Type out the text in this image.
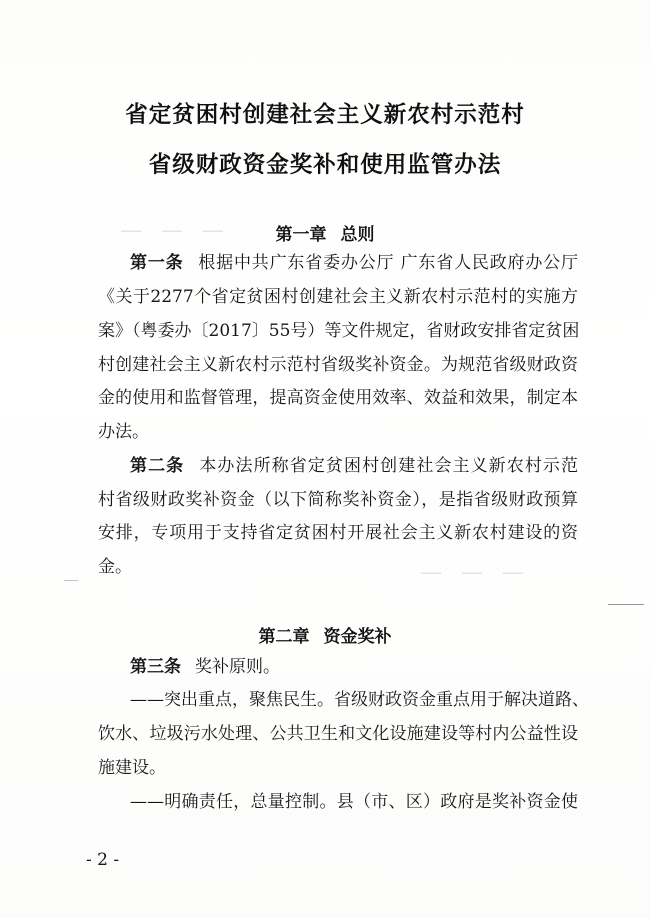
— — —
— — —
省定贫困村创建社会主义新农村示范村
省级财政资金奖补和使用监管办法
第一章 总则
第一条 根据中共广东省委办公厅 广东省人民政府办公厅
《关于2277个省定贫困村创建社会主义新农村示范村的实施方
案》（粤委办〔2017〕55号）等文件规定，省财政安排省定贫困
村创建社会主义新农村示范村省级奖补资金。为规范省级财政资
金的使用和监督管理，提高资金使用效率、效益和效果，制定本
办法。
第二条 本办法所称省定贫困村创建社会主义新农村示范
村省级财政奖补资金（以下简称奖补资金），是指省级财政预算
安排，专项用于支持省定贫困村开展社会主义新农村建设的资
金。
第二章 资金奖补
第三条 奖补原则。
——突出重点，聚焦民生。省级财政资金重点用于解决道路、
饮水、垃圾污水处理、公共卫生和文化设施建设等村内公益性设
施建设。
——明确责任，总量控制。县（市、区）政府是奖补资金使
- 2 -
